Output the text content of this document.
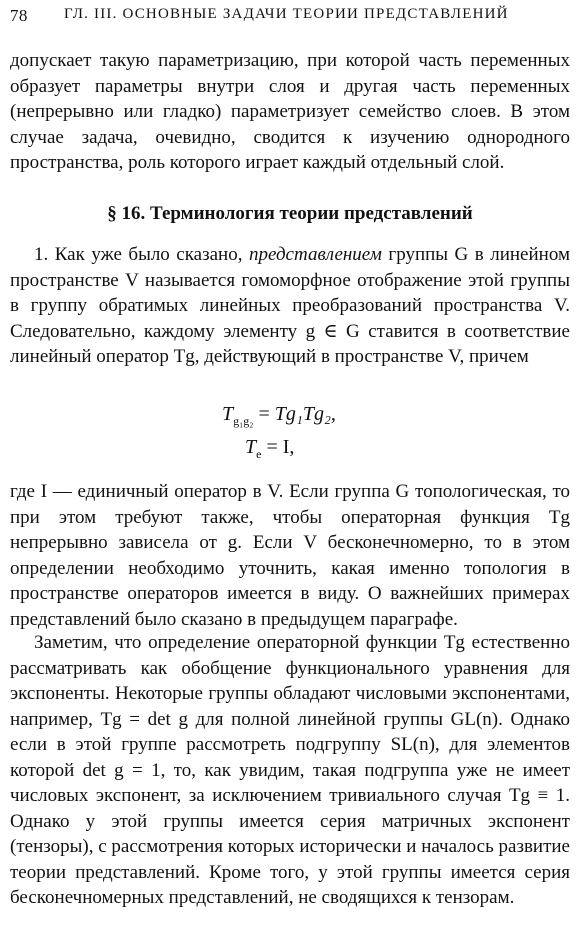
78 ГЛ. III. ОСНОВНЫЕ ЗАДАЧИ ТЕОРИИ ПРЕДСТАВЛЕНИЙ

допускает такую параметризацию, при которой часть переменных образует параметры внутри слоя и другая часть переменных (непрерывно или гладко) параметризует семейство слоев. В этом случае задача, очевидно, сводится к изучению однородного пространства, роль которого играет каждый отдельный слой.

§ 16. Терминология теории представлений

1. Как уже было сказано, представлением группы G в линейном пространстве V называется гомоморфное отображение этой группы в группу обратимых линейных преобразований пространства V. Следовательно, каждому элементу g ∈ G ставится в соответствие линейный оператор Tg, действующий в пространстве V, причем

$T_{g_1g_2} = Tg_1Tg_2$,
$T_e = I$,

где I — единичный оператор в V. Если группа G топологическая, то при этом требуют также, чтобы операторная функция Tg непрерывно зависела от g. Если V бесконечномерно, то в этом определении необходимо уточнить, какая именно топология в пространстве операторов имеется в виду. О важнейших примерах представлений было сказано в предыдущем параграфе.

Заметим, что определение операторной функции Tg естественно рассматривать как обобщение функционального уравнения для экспоненты. Некоторые группы обладают числовыми экспонентами, например, Tg = det g для полной линейной группы GL(n). Однако если в этой группе рассмотреть подгруппу SL(n), для элементов которой det g = 1, то, как увидим, такая подгруппа уже не имеет числовых экспонент, за исключением тривиального случая Tg ≡ 1. Однако у этой группы имеется серия матричных экспонент (тензоры), с рассмотрения которых исторически и началось развитие теории представлений. Кроме того, у этой группы имеется серия бесконечномерных представлений, не сводящихся к тензорам.
